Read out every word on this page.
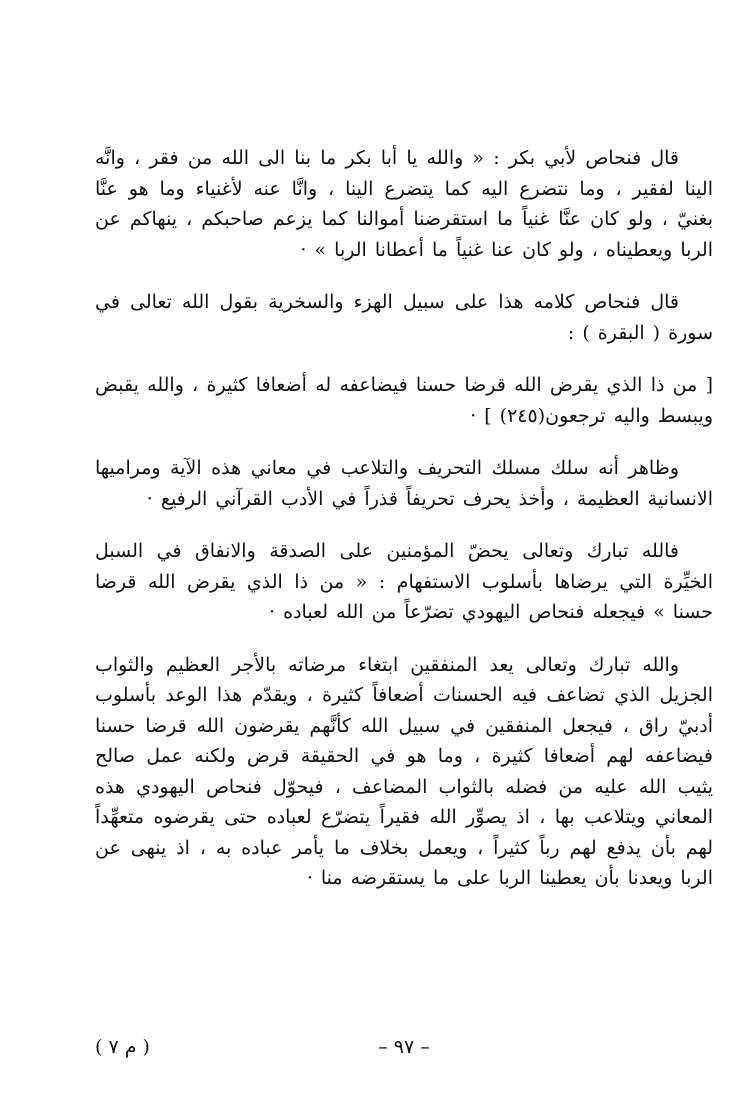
قال فنحاص لأبي بكر : « والله يا أبا بكر ما بنا الى الله من فقر ، وانَّه الينا لفقير ، وما نتضرع اليه كما يتضرع الينا ، وانَّا عنه لأغنياء وما هو عنَّا بغنيّ ، ولو كان عنَّا غنياً ما استقرضنا أموالنا كما يزعم صاحبكم ، ينهاكم عن الربا ويعطيناه ، ولو كان عنا غنياً ما أعطانا الربا » ·

قال فنحاص كلامه هذا على سبيل الهزء والسخرية بقول الله تعالى في سورة ( البقرة ) :

[ من ذا الذي يقرض الله قرضا حسنا فيضاعفه له أضعافا كثيرة ، والله يقبض ويبسط واليه ترجعون(٢٤٥) ] ·

وظاهر أنه سلك مسلك التحريف والتلاعب في معاني هذه الآية ومراميها الانسانية العظيمة ، وأخذ يحرف تحريفاً قذراً في الأدب القرآني الرفيع ·

فالله تبارك وتعالى يحضّ المؤمنين على الصدقة والانفاق في السبل الخيِّرة التي يرضاها بأسلوب الاستفهام : « من ذا الذي يقرض الله قرضا حسنا » فيجعله فنحاص اليهودي تضرّعاً من الله لعباده ·

والله تبارك وتعالى يعد المنفقين ابتغاء مرضاته بالأجر العظيم والثواب الجزيل الذي تضاعف فيه الحسنات أضعافاً كثيرة ، ويقدّم هذا الوعد بأسلوب أدبيّ راق ، فيجعل المنفقين في سبيل الله كأنَّهم يقرضون الله قرضا حسنا فيضاعفه لهم أضعافا كثيرة ، وما هو في الحقيقة قرض ولكنه عمل صالح يثيب الله عليه من فضله بالثواب المضاعف ، فيحوّل فنحاص اليهودي هذه المعاني ويتلاعب بها ، اذ يصوِّر الله فقيراً يتضرّع لعباده حتى يقرضوه متعهِّداً لهم بأن يدفع لهم رباً كثيراً ، ويعمل بخلاف ما يأمر عباده به ، اذ ينهى عن الربا ويعدنا بأن يعطينا الربا على ما يستقرضه منا ·

– ٩٧ –
( م ٧ )
